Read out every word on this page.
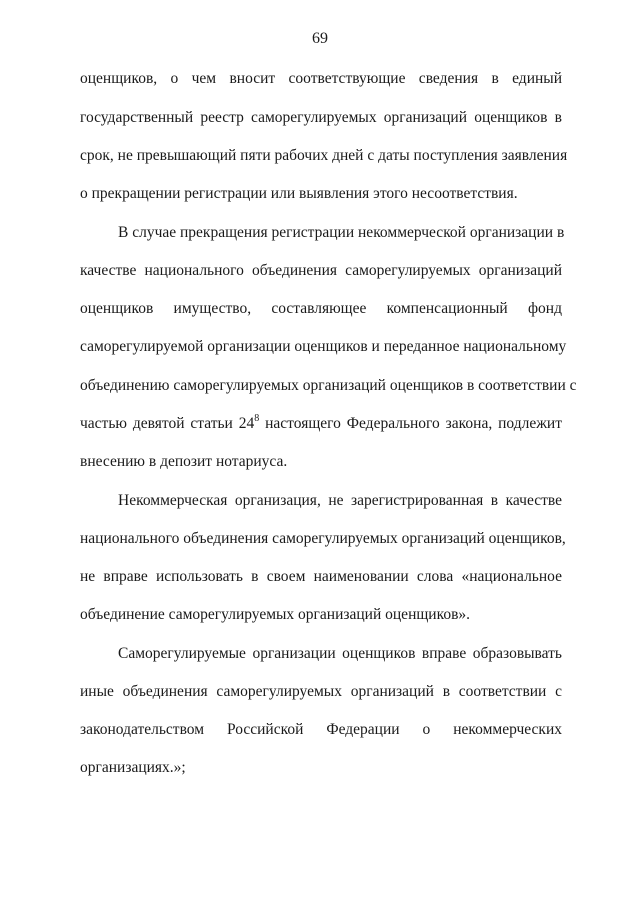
69
оценщиков, о чем вносит соответствующие сведения в единый
государственный реестр саморегулируемых организаций оценщиков в
срок, не превышающий пяти рабочих дней с даты поступления заявления
о прекращении регистрации или выявления этого несоответствия.
В случае прекращения регистрации некоммерческой организации в
качестве национального объединения саморегулируемых организаций
оценщиков имущество, составляющее компенсационный фонд
саморегулируемой организации оценщиков и переданное национальному
объединению саморегулируемых организаций оценщиков в соответствии с
частью девятой статьи $24^8$ настоящего Федерального закона, подлежит
внесению в депозит нотариуса.
Некоммерческая организация, не зарегистрированная в качестве
национального объединения саморегулируемых организаций оценщиков,
не вправе использовать в своем наименовании слова «национальное
объединение саморегулируемых организаций оценщиков».
Саморегулируемые организации оценщиков вправе образовывать
иные объединения саморегулируемых организаций в соответствии с
законодательством Российской Федерации о некоммерческих
организациях.»;
